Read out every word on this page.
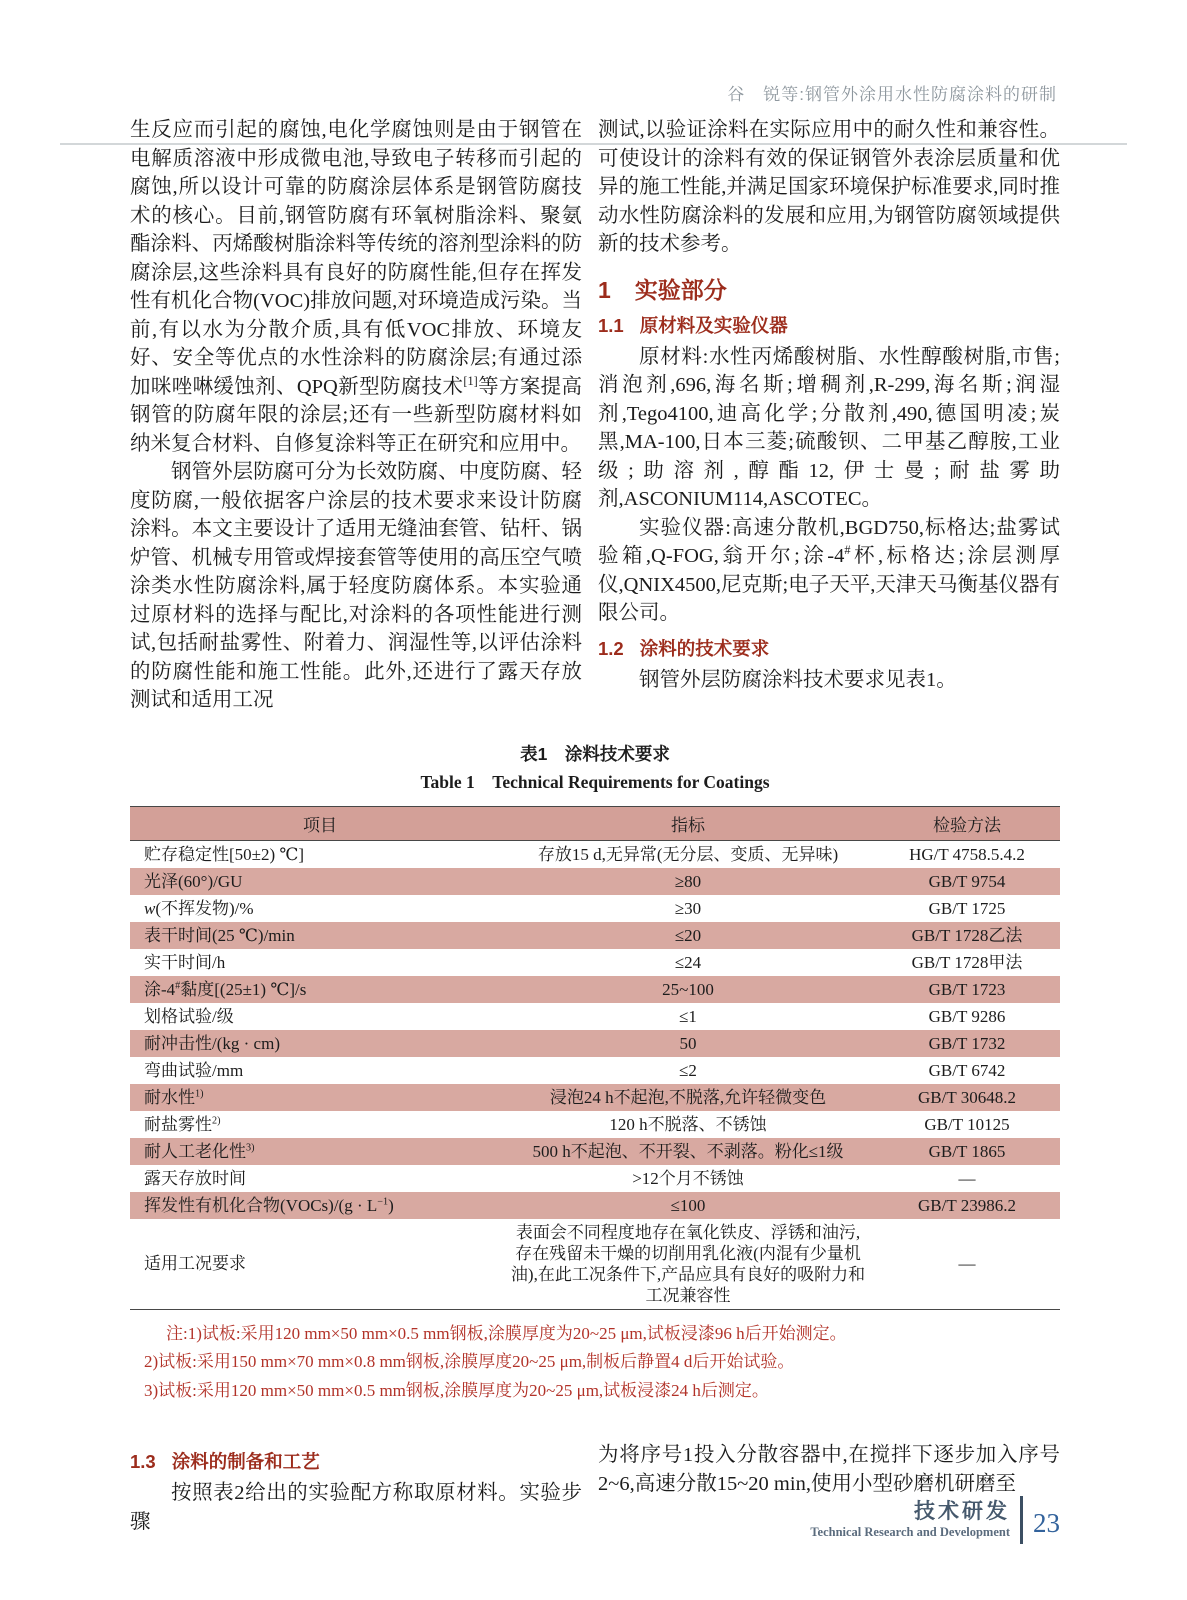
谷　锐等:钢管外涂用水性防腐涂料的研制

生反应而引起的腐蚀,电化学腐蚀则是由于钢管在电解质溶液中形成微电池,导致电子转移而引起的腐蚀,所以设计可靠的防腐涂层体系是钢管防腐技术的核心。目前,钢管防腐有环氧树脂涂料、聚氨酯涂料、丙烯酸树脂涂料等传统的溶剂型涂料的防腐涂层,这些涂料具有良好的防腐性能,但存在挥发性有机化合物(VOC)排放问题,对环境造成污染。当前,有以水为分散介质,具有低VOC排放、环境友好、安全等优点的水性涂料的防腐涂层;有通过添加咪唑啉缓蚀剂、QPQ新型防腐技术[1]等方案提高钢管的防腐年限的涂层;还有一些新型防腐材料如纳米复合材料、自修复涂料等正在研究和应用中。

钢管外层防腐可分为长效防腐、中度防腐、轻度防腐,一般依据客户涂层的技术要求来设计防腐涂料。本文主要设计了适用无缝油套管、钻杆、锅炉管、机械专用管或焊接套管等使用的高压空气喷涂类水性防腐涂料,属于轻度防腐体系。本实验通过原材料的选择与配比,对涂料的各项性能进行测试,包括耐盐雾性、附着力、润湿性等,以评估涂料的防腐性能和施工性能。此外,还进行了露天存放测试和适用工况

测试,以验证涂料在实际应用中的耐久性和兼容性。可使设计的涂料有效的保证钢管外表涂层质量和优异的施工性能,并满足国家环境保护标准要求,同时推动水性防腐涂料的发展和应用,为钢管防腐领域提供新的技术参考。

1 实验部分
1.1 原材料及实验仪器

原材料:水性丙烯酸树脂、水性醇酸树脂,市售;消泡剂,696,海名斯;增稠剂,R-299,海名斯;润湿剂,Tego4100,迪高化学;分散剂,490,德国明凌;炭黑,MA-100,日本三菱;硫酸钡、二甲基乙醇胺,工业级;助溶剂,醇酯12,伊士曼;耐盐雾助剂,ASCONIUM114,ASCOTEC。

实验仪器:高速分散机,BGD750,标格达;盐雾试验箱,Q-FOG,翁开尔;涂-4#杯,标格达;涂层测厚仪,QNIX4500,尼克斯;电子天平,天津天马衡基仪器有限公司。

1.2 涂料的技术要求

钢管外层防腐涂料技术要求见表1。

表1　涂料技术要求
Table 1　Technical Requirements for Coatings
项目	指标	检验方法
贮存稳定性[50±2) ℃]	存放15 d,无异常(无分层、变质、无异味)	HG/T 4758.5.4.2
光泽(60°)/GU	≥80	GB/T 9754
w(不挥发物)/%	≥30	GB/T 1725
表干时间(25 ℃)/min	≤20	GB/T 1728乙法
实干时间/h	≤24	GB/T 1728甲法
涂-4#黏度[(25±1) ℃]/s	25~100	GB/T 1723
划格试验/级	≤1	GB/T 9286
耐冲击性/(kg · cm)	50	GB/T 1732
弯曲试验/mm	≤2	GB/T 6742
耐水性$^{1)}$	浸泡24 h不起泡,不脱落,允许轻微变色	GB/T 30648.2
耐盐雾性$^{2)}$	120 h不脱落、不锈蚀	GB/T 10125
耐人工老化性$^{3)}$	500 h不起泡、不开裂、不剥落。粉化≤1级	GB/T 1865
露天存放时间	>12个月不锈蚀	—
挥发性有机化合物(VOCs)/(g · $L^{-1}$)	≤100	GB/T 23986.2
适用工况要求	表面会不同程度地存在氧化铁皮、浮锈和油污,存在残留未干燥的切削用乳化液(内混有少量机油),在此工况条件下,产品应具有良好的吸附力和工况兼容性	—
注:1)试板:采用120 mm×50 mm×0.5 mm钢板,涂膜厚度为20~25 μm,试板浸漆96 h后开始测定。
2)试板:采用150 mm×70 mm×0.8 mm钢板,涂膜厚度20~25 μm,制板后静置4 d后开始试验。
3)试板:采用120 mm×50 mm×0.5 mm钢板,涂膜厚度为20~25 μm,试板浸漆24 h后测定。
1.3 涂料的制备和工艺

按照表2给出的实验配方称取原材料。实验步骤

为将序号1投入分散容器中,在搅拌下逐步加入序号2~6,高速分散15~20 min,使用小型砂磨机研磨至

技术研发
Technical Research and Development 23
